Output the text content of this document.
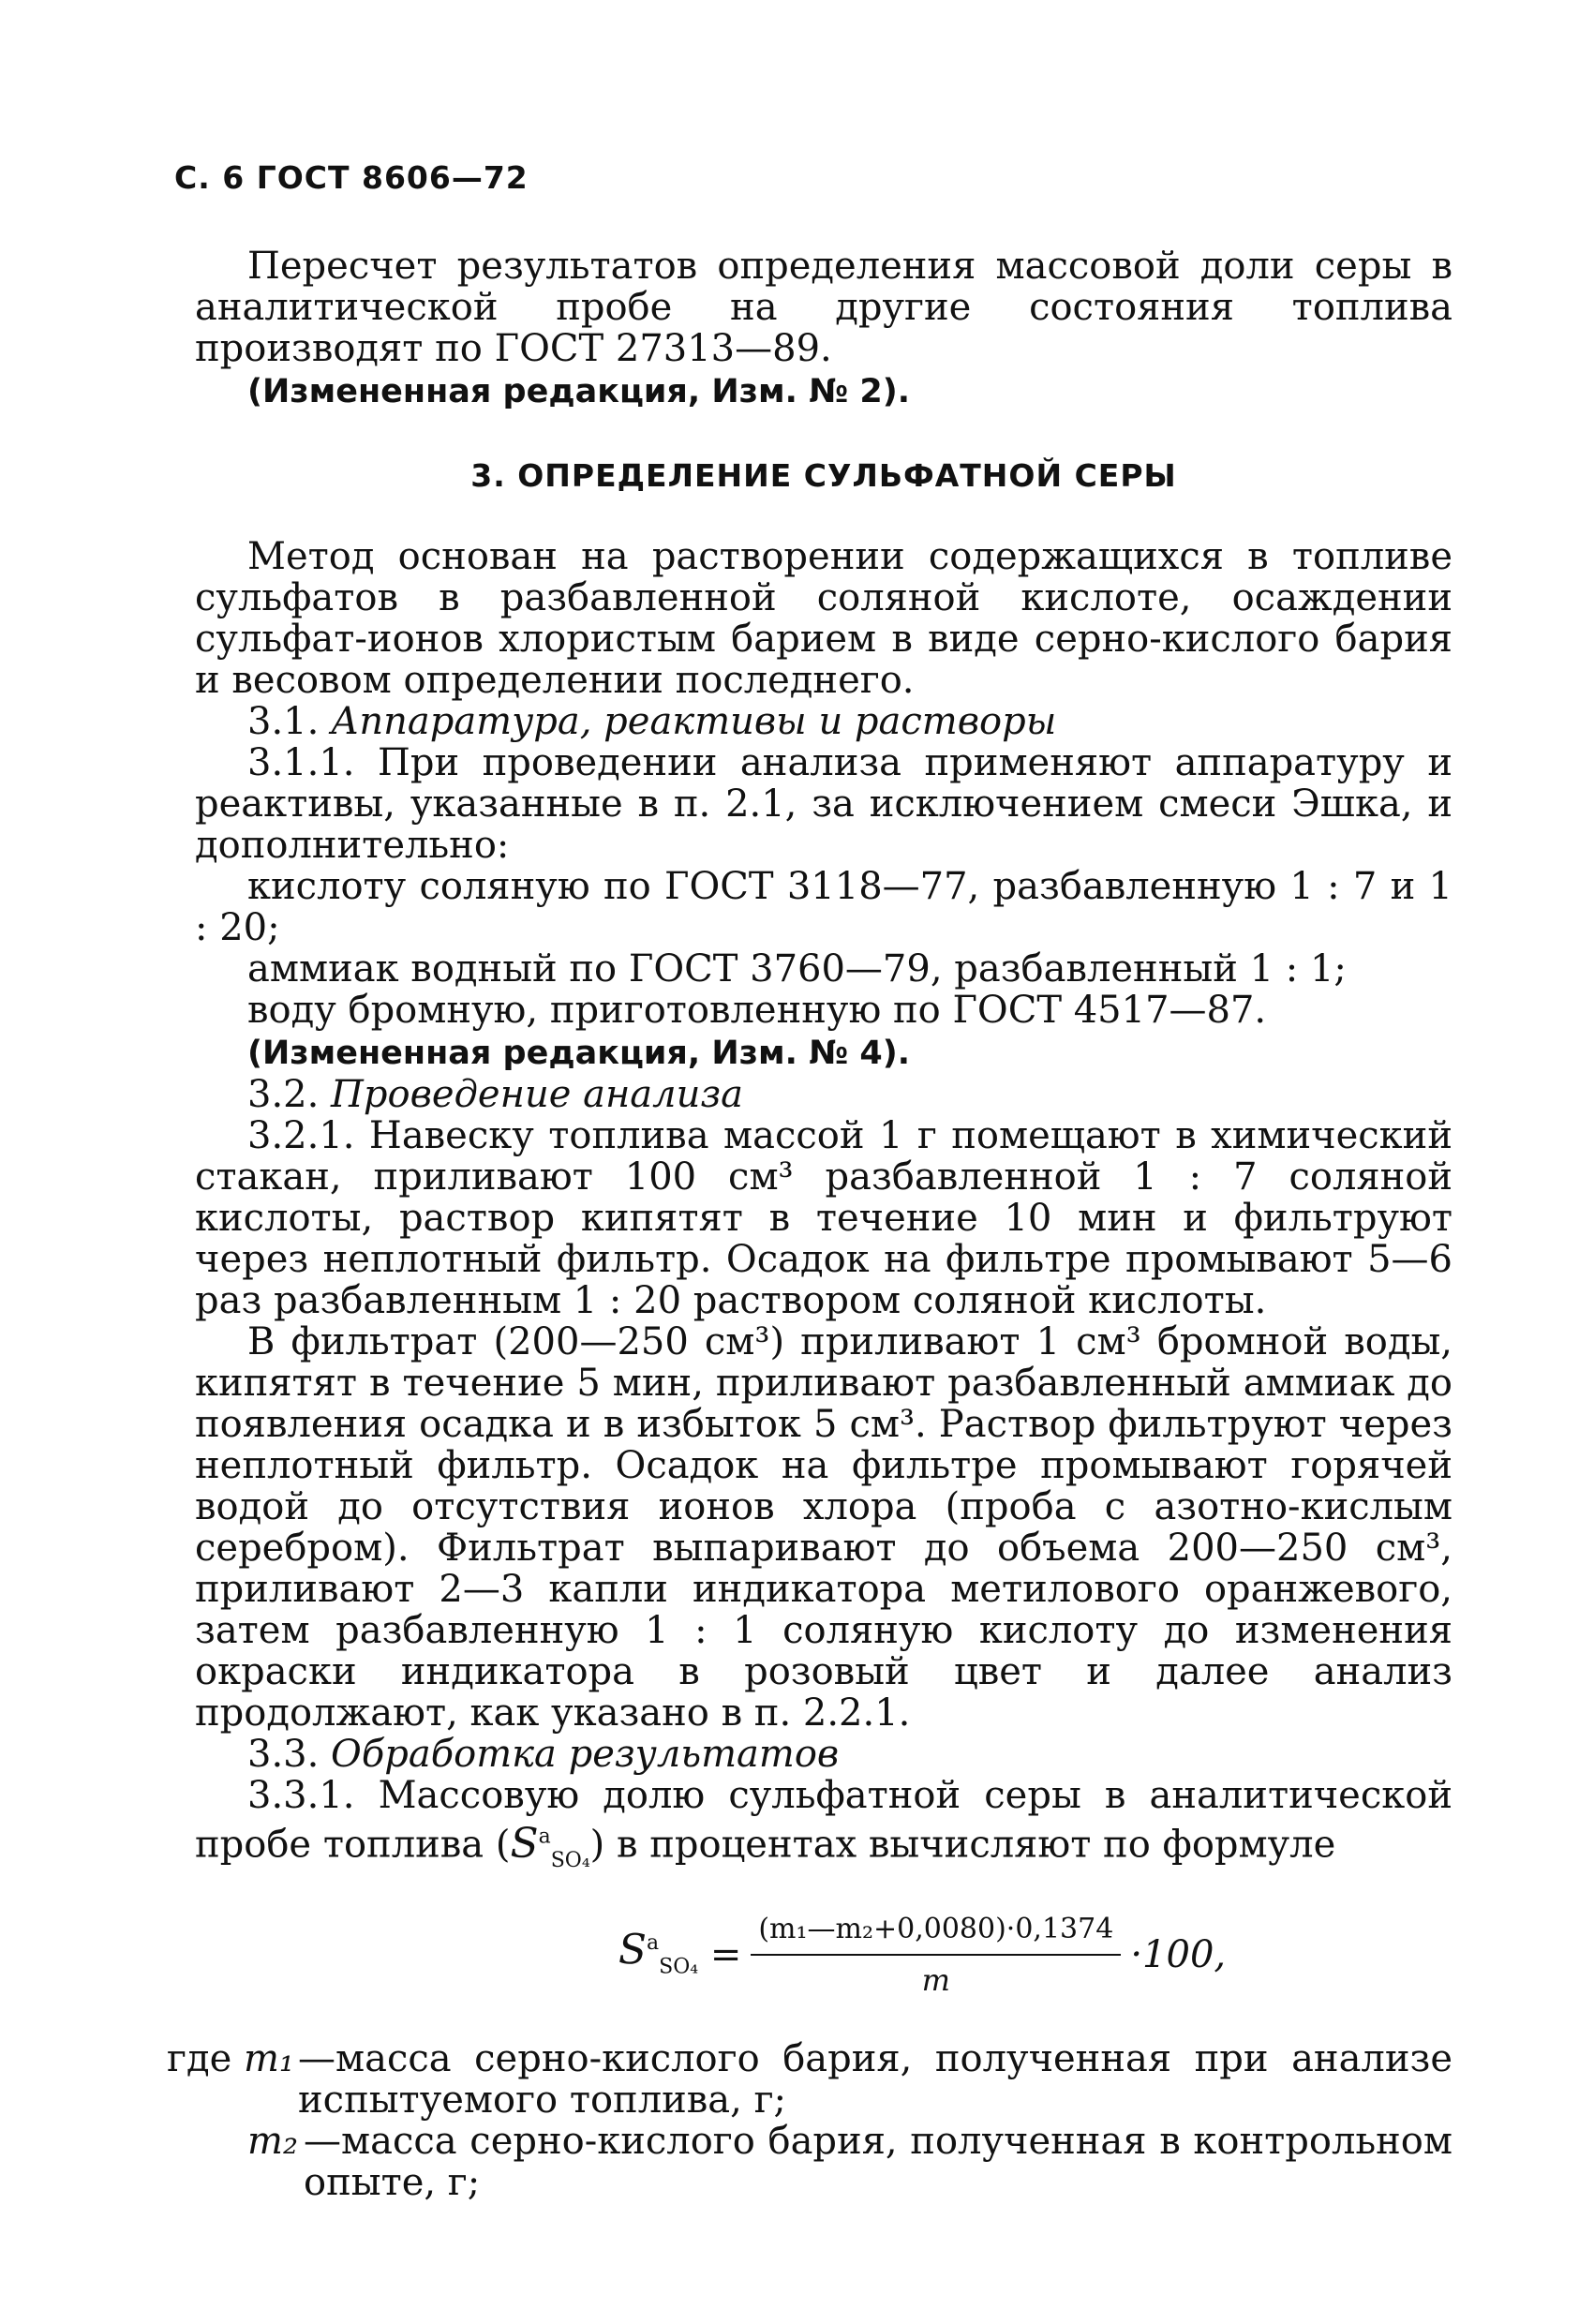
С. 6 ГОСТ 8606—72

Пересчет результатов определения массовой доли серы в аналитической пробе на другие состояния топлива производят по ГОСТ 27313—89.

(Измененная редакция, Изм. № 2).

3. ОПРЕДЕЛЕНИЕ СУЛЬФАТНОЙ СЕРЫ

Метод основан на растворении содержащихся в топливе сульфатов в разбавленной соляной кислоте, осаждении сульфат-ионов хлористым барием в виде серно-кислого бария и весовом определении последнего.

3.1. Аппаратура, реактивы и растворы

3.1.1. При проведении анализа применяют аппаратуру и реактивы, указанные в п. 2.1, за исключением смеси Эшка, и дополнительно:

кислоту соляную по ГОСТ 3118—77, разбавленную 1 : 7 и 1 : 20;

аммиак водный по ГОСТ 3760—79, разбавленный 1 : 1;

воду бромную, приготовленную по ГОСТ 4517—87.

(Измененная редакция, Изм. № 4).

3.2. Проведение анализа

3.2.1. Навеску топлива массой 1 г помещают в химический стакан, приливают 100 см³ разбавленной 1 : 7 соляной кислоты, раствор кипятят в течение 10 мин и фильтруют через неплотный фильтр. Осадок на фильтре промывают 5—6 раз разбавленным 1 : 20 раствором соляной кислоты.

В фильтрат (200—250 см³) приливают 1 см³ бромной воды, кипятят в течение 5 мин, приливают разбавленный аммиак до появления осадка и в избыток 5 см³. Раствор фильтруют через неплотный фильтр. Осадок на фильтре промывают горячей водой до отсутствия ионов хлора (проба с азотно-кислым серебром). Фильтрат выпаривают до объема 200—250 см³, приливают 2—3 капли индикатора метилового оранжевого, затем разбавленную 1 : 1 соляную кислоту до изменения окраски индикатора в розовый цвет и далее анализ продолжают, как указано в п. 2.2.1.

3.3. Обработка результатов

3.3.1. Массовую долю сульфатной серы в аналитической пробе топлива $(S^a_{SO_4})$ в процентах вычисляют по формуле

$S^a_{SO_4} = \frac{\text{(m₁—m₂+0,0080)·0,1374}}{m} \cdot 100$,
где m₁ —масса серно-кислого бария, полученная при анализе испытуемого топлива, г;
m₂ —масса серно-кислого бария, полученная в контрольном опыте, г;
